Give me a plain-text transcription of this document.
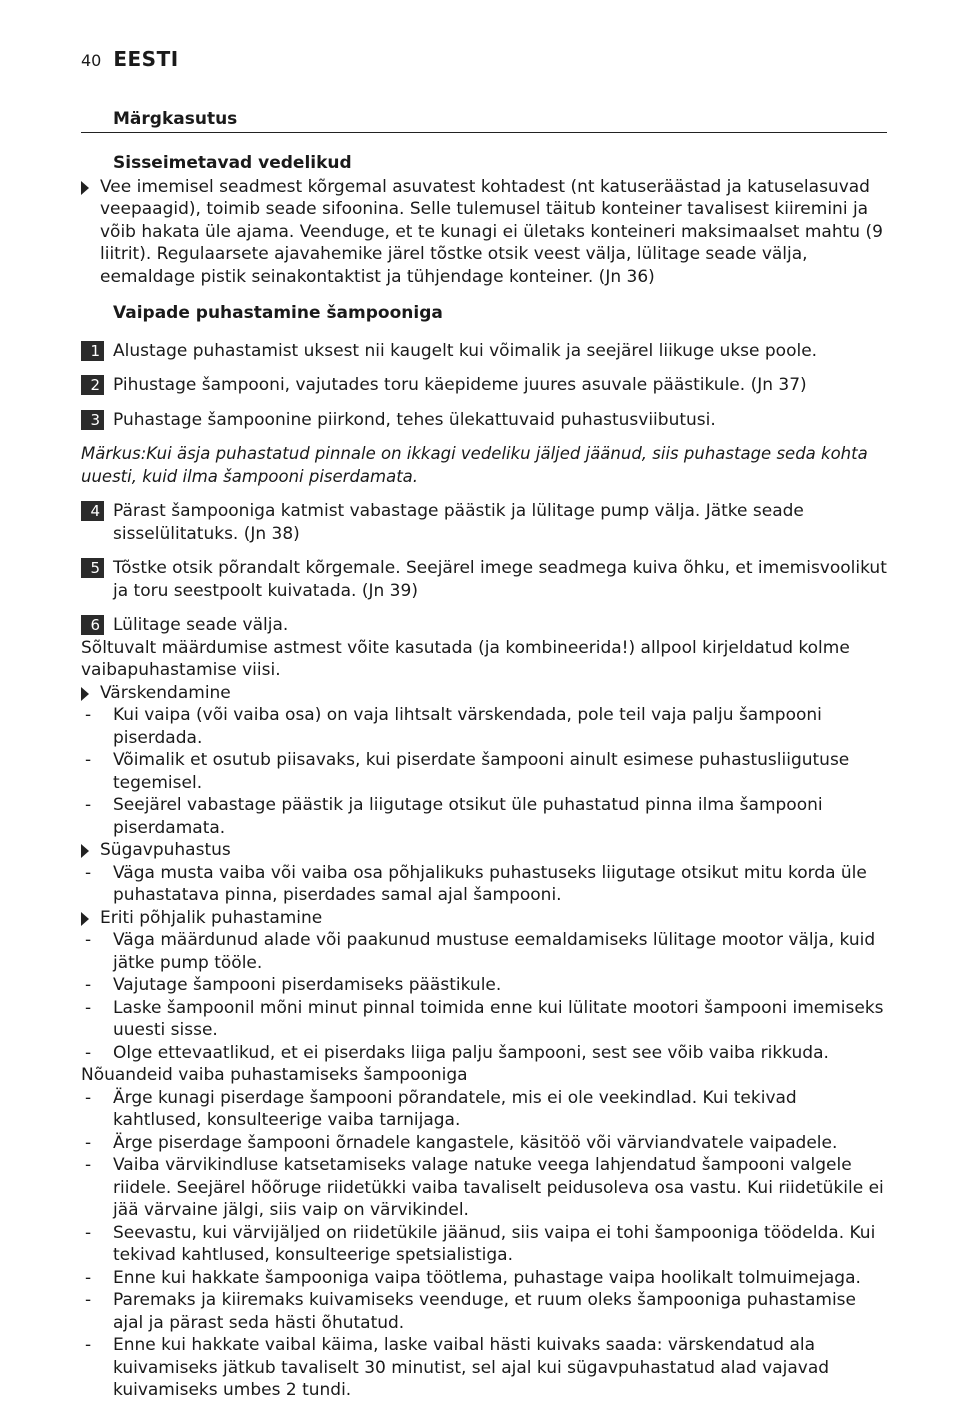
40 EESTI
Märgkasutus
Sisseimetavad vedelikud
Vee imemisel seadmest kõrgemal asuvatest kohtadest (nt katuseräästad ja katuselasuvad veepaagid), toimib seade sifoonina. Selle tulemusel täitub konteiner tavalisest kiiremini ja võib hakata üle ajama. Veenduge, et te kunagi ei ületaks konteineri maksimaalset mahtu (9 liitrit). Regulaarsete ajavahemike järel tõstke otsik veest välja, lülitage seade välja, eemaldage pistik seinakontaktist ja tühjendage konteiner. (Jn 36)
Vaipade puhastamine šampooniga
1 Alustage puhastamist uksest nii kaugelt kui võimalik ja seejärel liikuge ukse poole.
2 Pihustage šampooni, vajutades toru käepideme juures asuvale päästikule. (Jn 37)
3 Puhastage šampoonine piirkond, tehes ülekattuvaid puhastusviibutusi.
Märkus:Kui äsja puhastatud pinnale on ikkagi vedeliku jäljed jäänud, siis puhastage seda kohta uuesti, kuid ilma šampooni piserdamata.
4 Pärast šampooniga katmist vabastage päästik ja lülitage pump välja. Jätke seade sisselülitatuks. (Jn 38)
5 Tõstke otsik põrandalt kõrgemale. Seejärel imege seadmega kuiva õhku, et imemisvoolikut ja toru seestpoolt kuivatada. (Jn 39)
6 Lülitage seade välja.
Sõltuvalt määrdumise astmest võite kasutada (ja kombineerida!) allpool kirjeldatud kolme vaibapuhastamise viisi.
Värskendamine
- Kui vaipa (või vaiba osa) on vaja lihtsalt värskendada, pole teil vaja palju šampooni piserdada.
- Võimalik et osutub piisavaks, kui piserdate šampooni ainult esimese puhastusliigutuse tegemisel.
- Seejärel vabastage päästik ja liigutage otsikut üle puhastatud pinna ilma šampooni piserdamata.
Sügavpuhastus
- Väga musta vaiba või vaiba osa põhjalikuks puhastuseks liigutage otsikut mitu korda üle puhastatava pinna, piserdades samal ajal šampooni.
Eriti põhjalik puhastamine
- Väga määrdunud alade või paakunud mustuse eemaldamiseks lülitage mootor välja, kuid jätke pump tööle.
- Vajutage šampooni piserdamiseks päästikule.
- Laske šampoonil mõni minut pinnal toimida enne kui lülitate mootori šampooni imemiseks uuesti sisse.
- Olge ettevaatlikud, et ei piserdaks liiga palju šampooni, sest see võib vaiba rikkuda.
Nõuandeid vaiba puhastamiseks šampooniga
- Ärge kunagi piserdage šampooni põrandatele, mis ei ole veekindlad. Kui tekivad kahtlused, konsulteerige vaiba tarnijaga.
- Ärge piserdage šampooni õrnadele kangastele, käsitöö või värviandvatele vaipadele.
- Vaiba värvikindluse katsetamiseks valage natuke veega lahjendatud šampooni valgele riidele. Seejärel hõõruge riidetükki vaiba tavaliselt peidusoleva osa vastu. Kui riidetükile ei jää värvaine jälgi, siis vaip on värvikindel.
- Seevastu, kui värvijäljed on riidetükile jäänud, siis vaipa ei tohi šampooniga töödelda. Kui tekivad kahtlused, konsulteerige spetsialistiga.
- Enne kui hakkate šampooniga vaipa töötlema, puhastage vaipa hoolikalt tolmuimejaga.
- Paremaks ja kiiremaks kuivamiseks veenduge, et ruum oleks šampooniga puhastamise ajal ja pärast seda hästi õhutatud.
- Enne kui hakkate vaibal käima, laske vaibal hästi kuivaks saada: värskendatud ala kuivamiseks jätkub tavaliselt 30 minutist, sel ajal kui sügavpuhastatud alad vajavad kuivamiseks umbes 2 tundi.
